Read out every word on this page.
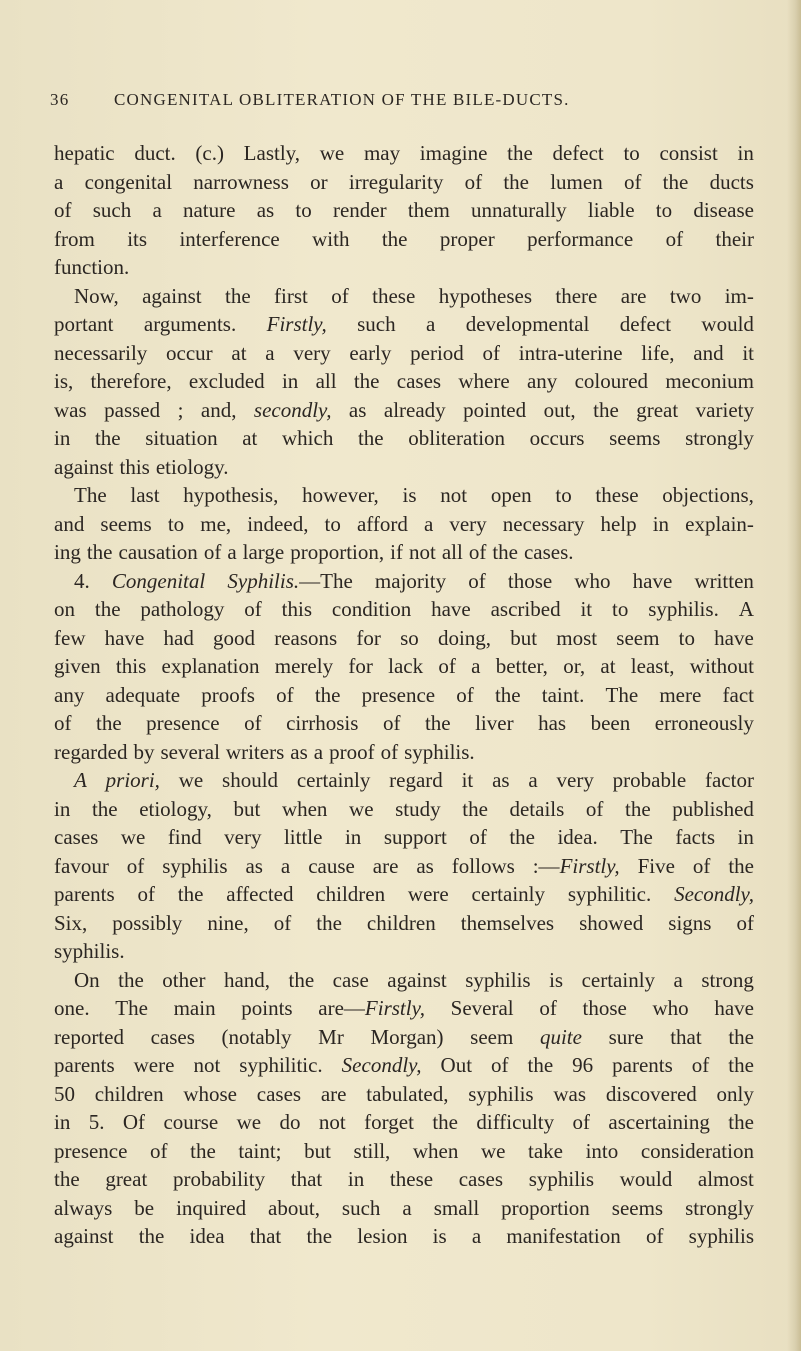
36	CONGENITAL OBLITERATION OF THE BILE-DUCTS.
hepatic duct. (c.) Lastly, we may imagine the defect to consist in
a congenital narrowness or irregularity of the lumen of the ducts
of such a nature as to render them unnaturally liable to disease
from its interference with the proper performance of their
function.
Now, against the first of these hypotheses there are two im-
portant arguments. Firstly, such a developmental defect would
necessarily occur at a very early period of intra-uterine life, and it
is, therefore, excluded in all the cases where any coloured meconium
was passed ; and, secondly, as already pointed out, the great variety
in the situation at which the obliteration occurs seems strongly
against this etiology.
The last hypothesis, however, is not open to these objections,
and seems to me, indeed, to afford a very necessary help in explain-
ing the causation of a large proportion, if not all of the cases.
4. Congenital Syphilis.—The majority of those who have written
on the pathology of this condition have ascribed it to syphilis. A
few have had good reasons for so doing, but most seem to have
given this explanation merely for lack of a better, or, at least, without
any adequate proofs of the presence of the taint. The mere fact
of the presence of cirrhosis of the liver has been erroneously
regarded by several writers as a proof of syphilis.
A priori, we should certainly regard it as a very probable factor
in the etiology, but when we study the details of the published
cases we find very little in support of the idea. The facts in
favour of syphilis as a cause are as follows :—Firstly, Five of the
parents of the affected children were certainly syphilitic. Secondly,
Six, possibly nine, of the children themselves showed signs of
syphilis.
On the other hand, the case against syphilis is certainly a strong
one. The main points are—Firstly, Several of those who have
reported cases (notably Mr Morgan) seem quite sure that the
parents were not syphilitic. Secondly, Out of the 96 parents of the
50 children whose cases are tabulated, syphilis was discovered only
in 5. Of course we do not forget the difficulty of ascertaining the
presence of the taint; but still, when we take into consideration
the great probability that in these cases syphilis would almost
always be inquired about, such a small proportion seems strongly
against the idea that the lesion is a manifestation of syphilis
